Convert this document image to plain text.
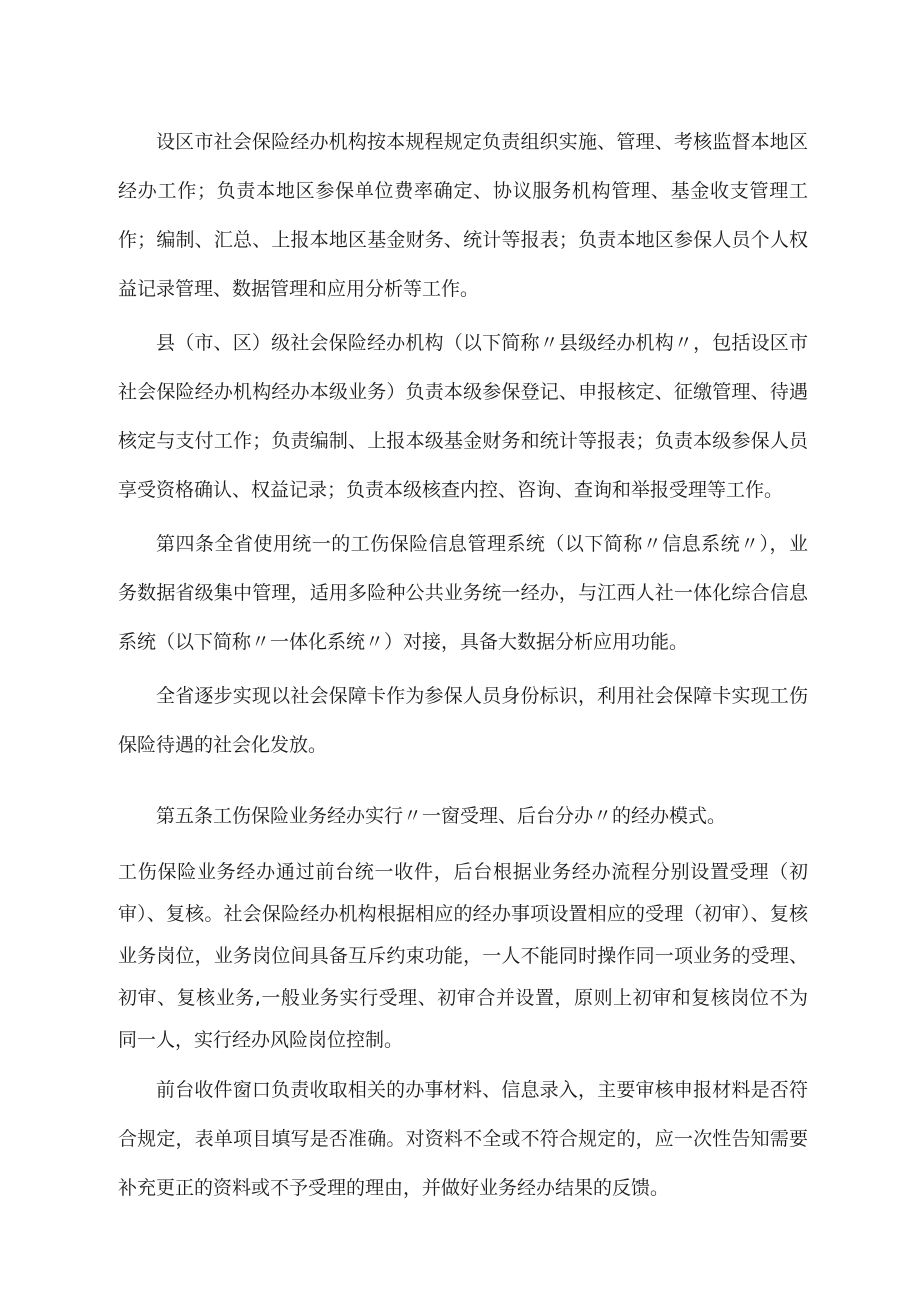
设区市社会保险经办机构按本规程规定负责组织实施、管理、考核监督本地区经办工作；负责本地区参保单位费率确定、协议服务机构管理、基金收支管理工作；编制、汇总、上报本地区基金财务、统计等报表；负责本地区参保人员个人权益记录管理、数据管理和应用分析等工作。

县（市、区）级社会保险经办机构（以下简称〃县级经办机构〃，包括设区市社会保险经办机构经办本级业务）负责本级参保登记、申报核定、征缴管理、待遇核定与支付工作；负责编制、上报本级基金财务和统计等报表；负责本级参保人员享受资格确认、权益记录；负责本级核查内控、咨询、查询和举报受理等工作。

第四条全省使用统一的工伤保险信息管理系统（以下简称〃信息系统〃），业务数据省级集中管理，适用多险种公共业务统一经办，与江西人社一体化综合信息系统（以下简称〃一体化系统〃）对接，具备大数据分析应用功能。

全省逐步实现以社会保障卡作为参保人员身份标识，利用社会保障卡实现工伤保险待遇的社会化发放。

第五条工伤保险业务经办实行〃一窗受理、后台分办〃的经办模式。

工伤保险业务经办通过前台统一收件，后台根据业务经办流程分别设置受理（初审）、复核。社会保险经办机构根据相应的经办事项设置相应的受理（初审）、复核业务岗位，业务岗位间具备互斥约束功能，一人不能同时操作同一项业务的受理、初审、复核业务,一般业务实行受理、初审合并设置，原则上初审和复核岗位不为同一人，实行经办风险岗位控制。

前台收件窗口负责收取相关的办事材料、信息录入，主要审核申报材料是否符合规定，表单项目填写是否准确。对资料不全或不符合规定的，应一次性告知需要补充更正的资料或不予受理的理由，并做好业务经办结果的反馈。
